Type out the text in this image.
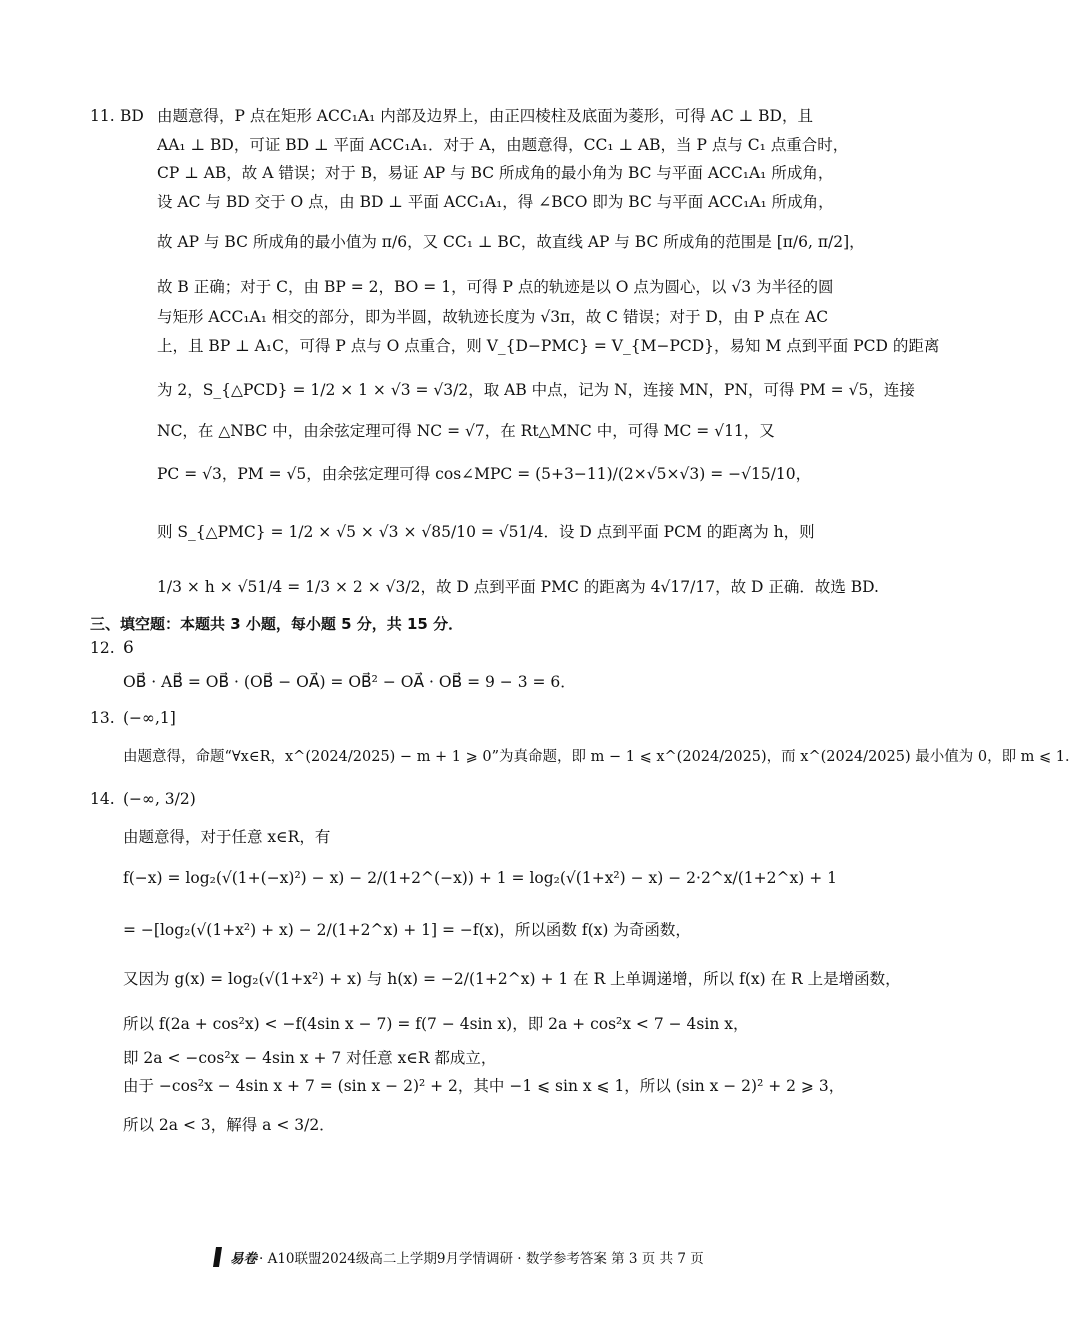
11. BD 由题意得，P 点在矩形 ACC₁A₁ 内部及边界上，由正四棱柱及底面为菱形，可得 AC ⊥ BD，且
AA₁ ⊥ BD，可证 BD ⊥ 平面 ACC₁A₁．对于 A，由题意得，CC₁ ⊥ AB，当 P 点与 C₁ 点重合时，
CP ⊥ AB，故 A 错误；对于 B，易证 AP 与 BC 所成角的最小角为 BC 与平面 ACC₁A₁ 所成角，
设 AC 与 BD 交于 O 点，由 BD ⊥ 平面 ACC₁A₁，得 ∠BCO 即为 BC 与平面 ACC₁A₁ 所成角，
故 AP 与 BC 所成角的最小值为 π/6，又 CC₁ ⊥ BC，故直线 AP 与 BC 所成角的范围是 [π/6, π/2]，
故 B 正确；对于 C，由 BP = 2，BO = 1，可得 P 点的轨迹是以 O 点为圆心，以 √3 为半径的圆
与矩形 ACC₁A₁ 相交的部分，即为半圆，故轨迹长度为 √3π，故 C 错误；对于 D，由 P 点在 AC
上，且 BP ⊥ A₁C，可得 P 点与 O 点重合，则 V_{D−PMC} = V_{M−PCD}，易知 M 点到平面 PCD 的距离
为 2，S_{△PCD} = 1/2 × 1 × √3 = √3/2，取 AB 中点，记为 N，连接 MN，PN，可得 PM = √5，连接
NC，在 △NBC 中，由余弦定理可得 NC = √7，在 Rt△MNC 中，可得 MC = √11，又
PC = √3，PM = √5，由余弦定理可得 cos∠MPC = (5+3−11)/(2×√5×√3) = −√15/10，
则 S_{△PMC} = 1/2 × √5 × √3 × √85/10 = √51/4．设 D 点到平面 PCM 的距离为 h，则
1/3 × h × √51/4 = 1/3 × 2 × √3/2，故 D 点到平面 PMC 的距离为 4√17/17，故 D 正确．故选 BD.
三、填空题：本题共 3 小题，每小题 5 分，共 15 分．
12. 6
OB⃗ · AB⃗ = OB⃗ · (OB⃗ − OA⃗) = OB⃗² − OA⃗ · OB⃗ = 9 − 3 = 6．
13. (−∞,1]
由题意得，命题“∀x∈R，x^(2024/2025) − m + 1 ⩾ 0”为真命题，即 m − 1 ⩽ x^(2024/2025)，而 x^(2024/2025) 最小值为 0，即 m ⩽ 1．
14. (−∞, 3/2)
由题意得，对于任意 x∈R，有
f(−x) = log₂(√(1+(−x)²) − x) − 2/(1+2^(−x)) + 1 = log₂(√(1+x²) − x) − 2·2^x/(1+2^x) + 1
= −[log₂(√(1+x²) + x) − 2/(1+2^x) + 1] = −f(x)，所以函数 f(x) 为奇函数，
又因为 g(x) = log₂(√(1+x²) + x) 与 h(x) = −2/(1+2^x) + 1 在 R 上单调递增，所以 f(x) 在 R 上是增函数，
所以 f(2a + cos²x) < −f(4sin x − 7) = f(7 − 4sin x)，即 2a + cos²x < 7 − 4sin x，
即 2a < −cos²x − 4sin x + 7 对任意 x∈R 都成立，
由于 −cos²x − 4sin x + 7 = (sin x − 2)² + 2，其中 −1 ⩽ sin x ⩽ 1，所以 (sin x − 2)² + 2 ⩾ 3，
所以 2a < 3，解得 a < 3/2．
易卷 · A10联盟2024级高二上学期9月学情调研 · 数学参考答案 第 3 页 共 7 页
